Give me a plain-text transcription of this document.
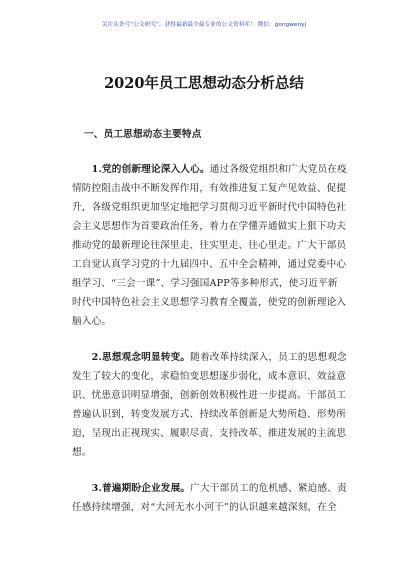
关注头条号“公文研究”，获得最新最全最专业的公文资料库！ 微信：gongwenyj
2020年员工思想动态分析总结
一、员工思想动态主要特点
  1.党的创新理论深入人心。通过各级党组织和广大党员在疫
情防控阻击战中不断发挥作用，有效推进复工复产见效益、促提
升，各级党组织更加坚定地把学习贯彻习近平新时代中国特色社
会主义思想作为首要政治任务，着力在学懂弄通做实上狠下功夫
推动党的最新理论往深里走、往实里走、往心里走。广大干部员
工自觉认真学习党的十九届四中、五中全会精神，通过党委中心
组学习、“三会一课”、学习强国APP等多种形式，使习近平新
时代中国特色社会主义思想学习教育全覆盖，使党的创新理论入
脑入心。
  2.思想观念明显转变。随着改革持续深入，员工的思想观念
发生了较大的变化，求稳怕变思想逐步弱化，成本意识、效益意
识、忧患意识明显增强，创新创效积极性进一步提高。干部员工
普遍认识到，转变发展方式、持续改革创新是大势所趋、形势所
迫，呈现出正视现实、履职尽责、支持改革、推进发展的主流思
想。
  3.普遍期盼企业发展。广大干部员工的危机感、紧迫感、责
任感持续增强，对“大河无水小河干”的认识越来越深刻，在全
